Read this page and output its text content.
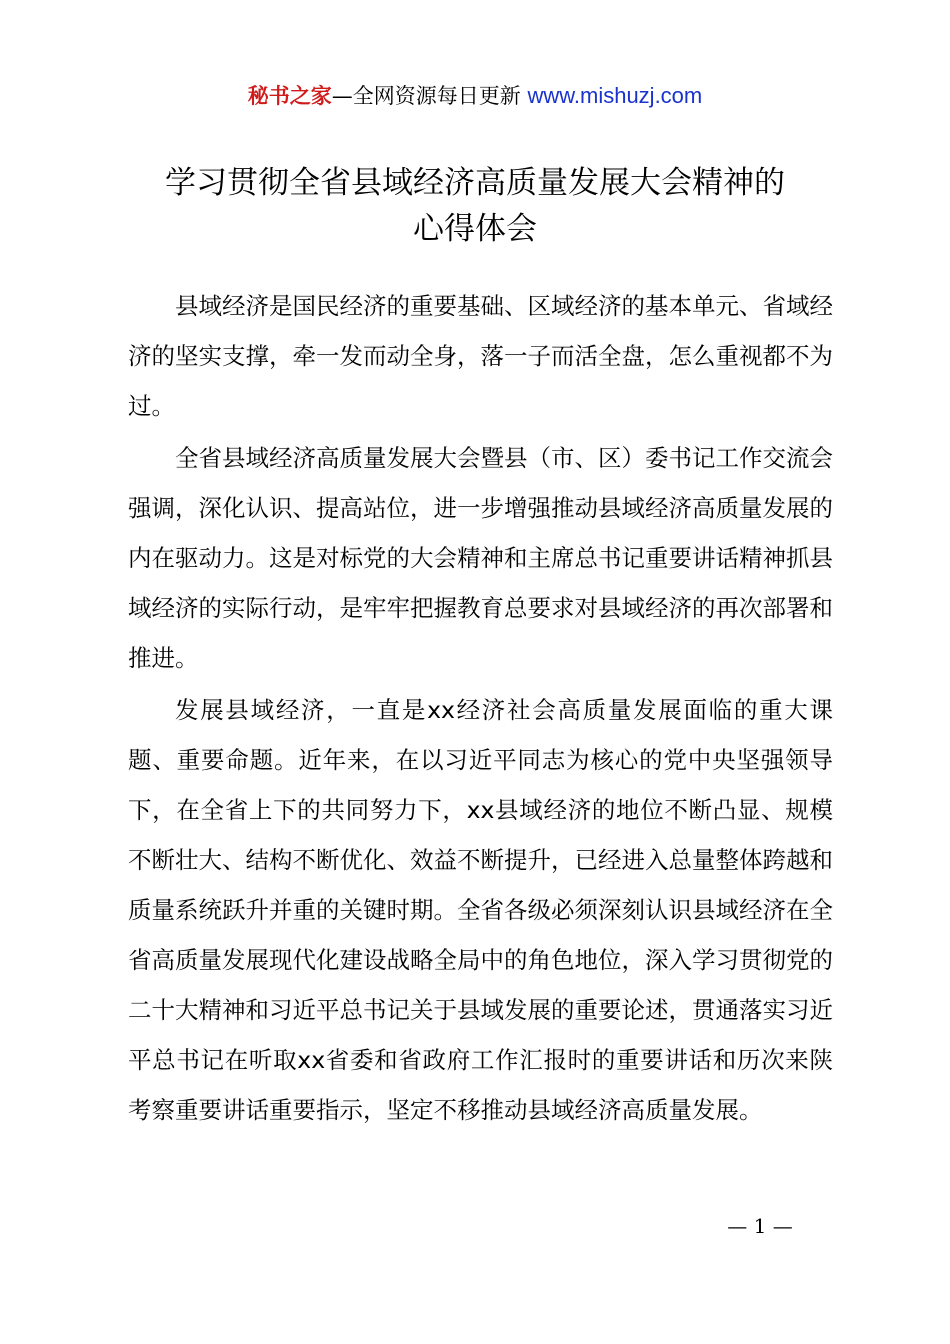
秘书之家—全网资源每日更新 www.mishuzj.com
学习贯彻全省县域经济高质量发展大会精神的
心得体会

县域经济是国民经济的重要基础、区域经济的基本单元、省域经济的坚实支撑，牵一发而动全身，落一子而活全盘，怎么重视都不为过。

全省县域经济高质量发展大会暨县（市、区）委书记工作交流会强调，深化认识、提高站位，进一步增强推动县域经济高质量发展的内在驱动力。这是对标党的大会精神和主席总书记重要讲话精神抓县域经济的实际行动，是牢牢把握教育总要求对县域经济的再次部署和推进。

发展县域经济，一直是xx经济社会高质量发展面临的重大课题、重要命题。近年来，在以习近平同志为核心的党中央坚强领导下，在全省上下的共同努力下，xx县域经济的地位不断凸显、规模不断壮大、结构不断优化、效益不断提升，已经进入总量整体跨越和质量系统跃升并重的关键时期。全省各级必须深刻认识县域经济在全省高质量发展现代化建设战略全局中的角色地位，深入学习贯彻党的二十大精神和习近平总书记关于县域发展的重要论述，贯通落实习近平总书记在听取xx省委和省政府工作汇报时的重要讲话和历次来陕考察重要讲话重要指示，坚定不移推动县域经济高质量发展。

— 1 —
